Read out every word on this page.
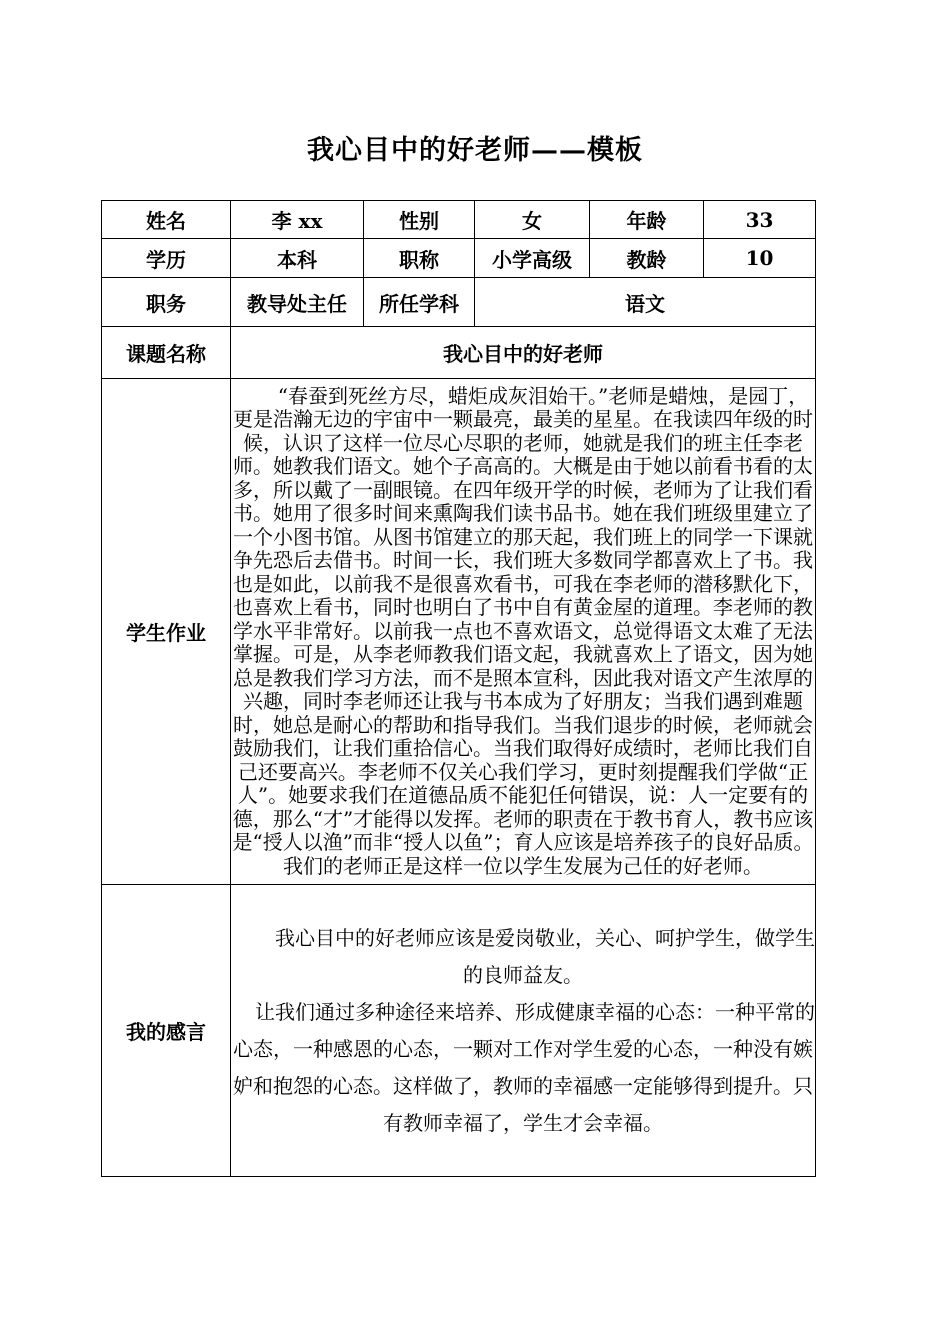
我心目中的好老师——模板
姓名	李 xx	性别	女	年龄	33
学历	本科	职称	小学高级	教龄	10
职务	教导处主任	所任学科	语文		
课题名称	我心目中的好老师				
学生作业	“春蚕到死丝方尽，蜡炬成灰泪始干。”老师是蜡烛，是园丁，更是浩瀚无边的宇宙中一颗最亮，最美的星星。在我读四年级的时候，认识了这样一位尽心尽职的老师，她就是我们的班主任李老师。她教我们语文。她个子高高的。大概是由于她以前看书看的太多，所以戴了一副眼镜。在四年级开学的时候，老师为了让我们看书。她用了很多时间来熏陶我们读书品书。她在我们班级里建立了一个小图书馆。从图书馆建立的那天起，我们班上的同学一下课就争先恐后去借书。时间一长，我们班大多数同学都喜欢上了书。我也是如此，以前我不是很喜欢看书，可我在李老师的潜移默化下，也喜欢上看书，同时也明白了书中自有黄金屋的道理。李老师的教学水平非常好。以前我一点也不喜欢语文，总觉得语文太难了无法掌握。可是，从李老师教我们语文起，我就喜欢上了语文，因为她总是教我们学习方法，而不是照本宣科，因此我对语文产生浓厚的兴趣，同时李老师还让我与书本成为了好朋友；当我们遇到难题时，她总是耐心的帮助和指导我们。当我们退步的时候，老师就会鼓励我们，让我们重拾信心。当我们取得好成绩时，老师比我们自己还要高兴。李老师不仅关心我们学习，更时刻提醒我们学做“正人”。她要求我们在道德品质不能犯任何错误，说：人一定要有的德，那么“才”才能得以发挥。老师的职责在于教书育人，教书应该是“授人以渔”而非“授人以鱼”；育人应该是培养孩子的良好品质。我们的老师正是这样一位以学生发展为己任的好老师。				

我的感言	我心目中的好老师应该是爱岗敬业，关心、呵护学生，做学生的良师益友。

让我们通过多种途径来培养、形成健康幸福的心态：一种平常的心态，一种感恩的心态，一颗对工作对学生爱的心态，一种没有嫉妒和抱怨的心态。这样做了，教师的幸福感一定能够得到提升。只有教师幸福了，学生才会幸福。				
